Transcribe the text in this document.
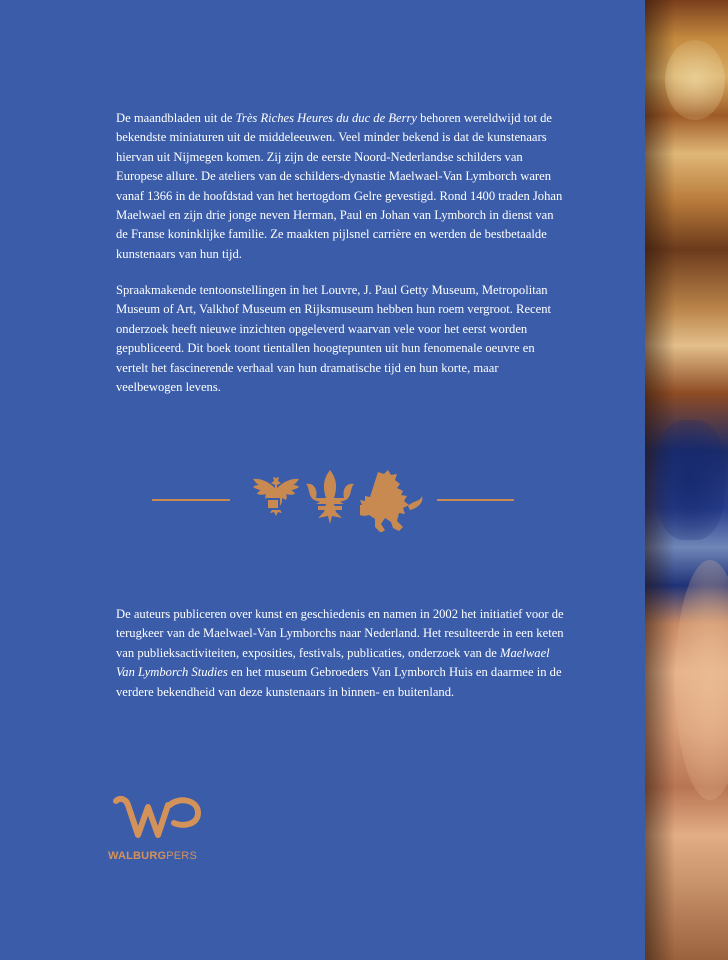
De maandbladen uit de Très Riches Heures du duc de Berry behoren wereldwijd tot de bekendste miniaturen uit de middeleeuwen. Veel minder bekend is dat de kunstenaars hiervan uit Nijmegen komen. Zij zijn de eerste Noord-Nederlandse schilders van Europese allure. De ateliers van de schilders-dynastie Maelwael-Van Lymborch waren vanaf 1366 in de hoofdstad van het hertogdom Gelre gevestigd. Rond 1400 traden Johan Maelwael en zijn drie jonge neven Herman, Paul en Johan van Lymborch in dienst van de Franse koninklijke familie. Ze maakten pijlsnel carrière en werden de bestbetaalde kunstenaars van hun tijd.

Spraakmakende tentoonstellingen in het Louvre, J. Paul Getty Museum, Metropolitan Museum of Art, Valkhof Museum en Rijksmuseum hebben hun roem vergroot. Recent onderzoek heeft nieuwe inzichten opgeleverd waarvan vele voor het eerst worden gepubliceerd. Dit boek toont tientallen hoogtepunten uit hun fenomenale oeuvre en vertelt het fascinerende verhaal van hun dramatische tijd en hun korte, maar veelbewogen levens.

De auteurs publiceren over kunst en geschiedenis en namen in 2002 het initiatief voor de terugkeer van de Maelwael-Van Lymborchs naar Nederland. Het resulteerde in een keten van publieksactiviteiten, exposities, festivals, publicaties, onderzoek van de Maelwael Van Lymborch Studies en het museum Gebroeders Van Lymborch Huis en daarmee in de verdere bekendheid van deze kunstenaars in binnen- en buitenland.

WALBURGPERS
